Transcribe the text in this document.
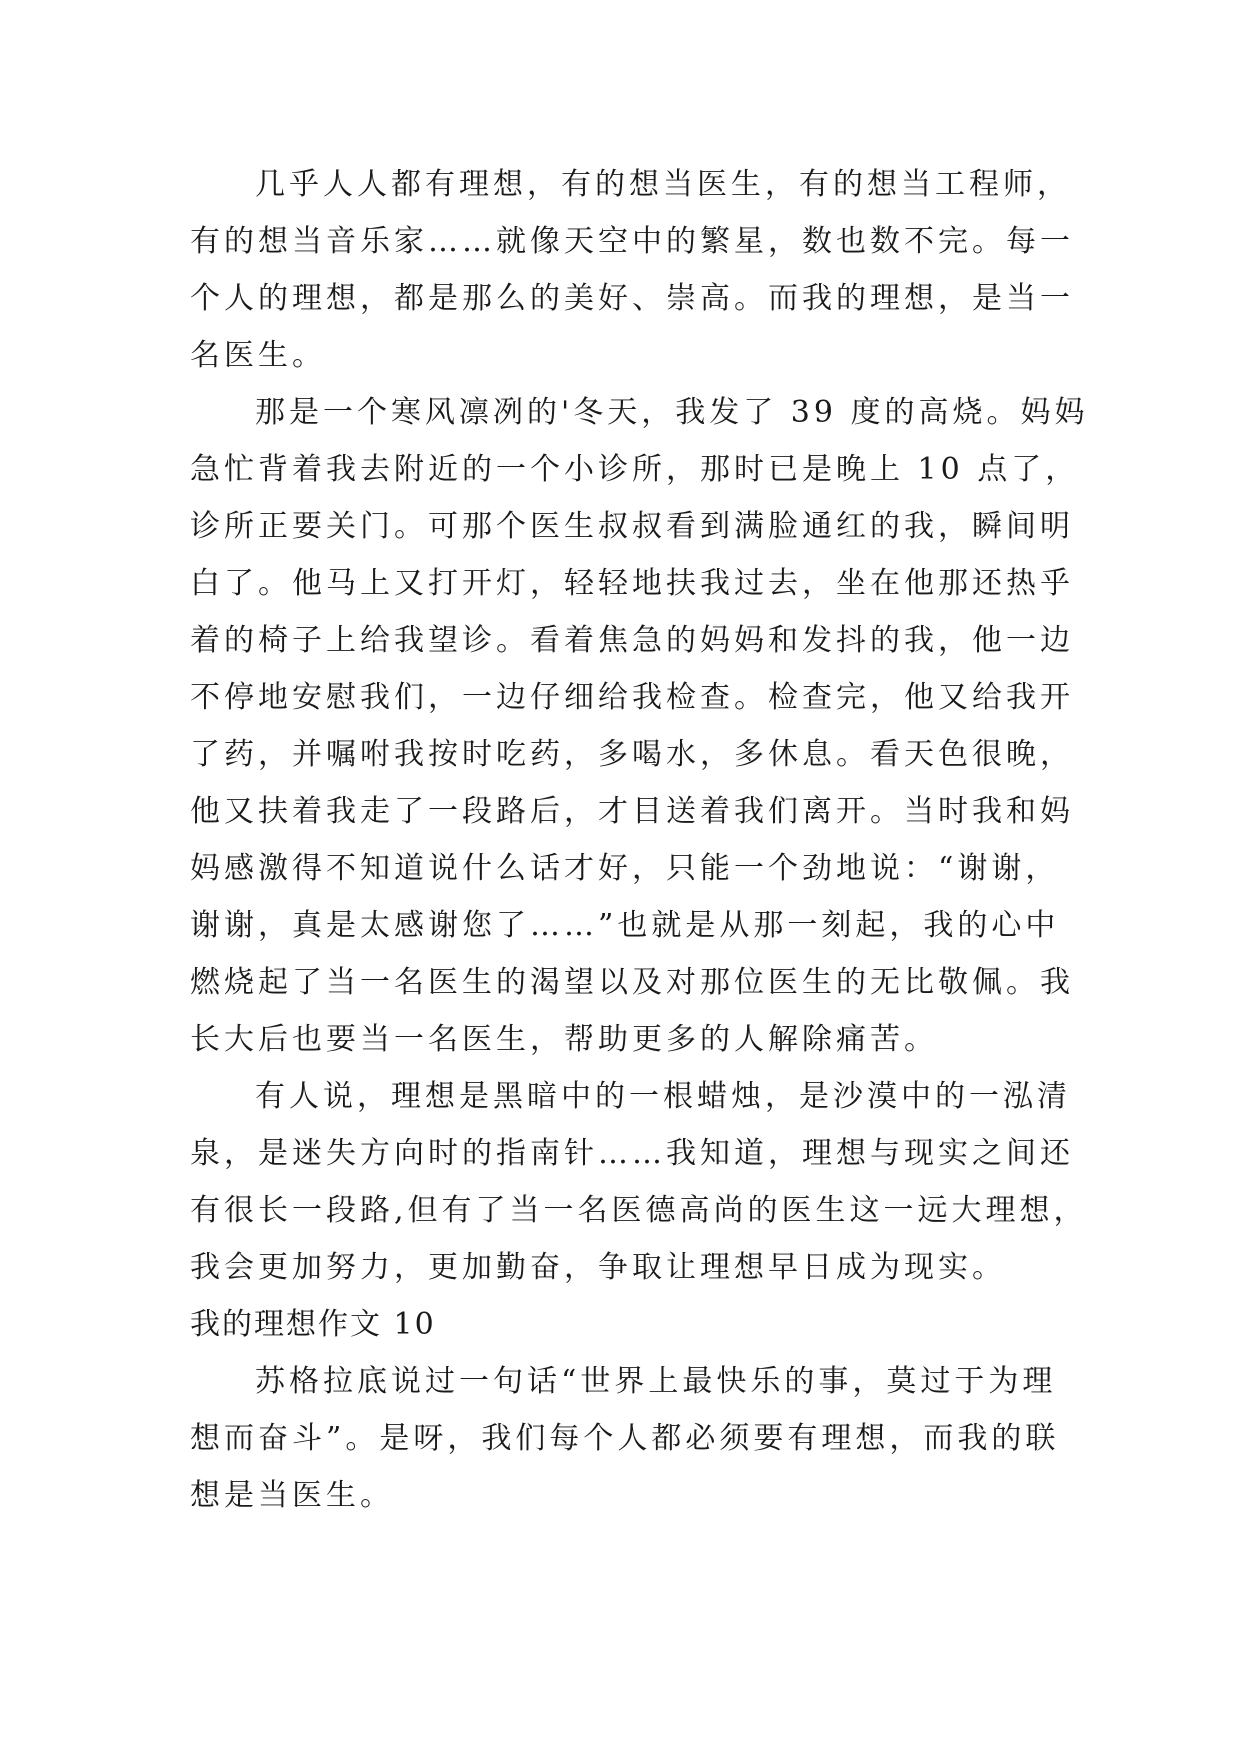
几乎人人都有理想，有的想当医生，有的想当工程师，
有的想当音乐家……就像天空中的繁星，数也数不完。每一
个人的理想，都是那么的美好、崇高。而我的理想，是当一
名医生。
那是一个寒风凛冽的'冬天，我发了 39 度的高烧。妈妈
急忙背着我去附近的一个小诊所，那时已是晚上 10 点了，
诊所正要关门。可那个医生叔叔看到满脸通红的我，瞬间明
白了。他马上又打开灯，轻轻地扶我过去，坐在他那还热乎
着的椅子上给我望诊。看着焦急的妈妈和发抖的我，他一边
不停地安慰我们，一边仔细给我检查。检查完，他又给我开
了药，并嘱咐我按时吃药，多喝水，多休息。看天色很晚，
他又扶着我走了一段路后，才目送着我们离开。当时我和妈
妈感激得不知道说什么话才好，只能一个劲地说：“谢谢，
谢谢，真是太感谢您了……”也就是从那一刻起，我的心中
燃烧起了当一名医生的渴望以及对那位医生的无比敬佩。我
长大后也要当一名医生，帮助更多的人解除痛苦。
有人说，理想是黑暗中的一根蜡烛，是沙漠中的一泓清
泉，是迷失方向时的指南针……我知道，理想与现实之间还
有很长一段路,但有了当一名医德高尚的医生这一远大理想，
我会更加努力，更加勤奋，争取让理想早日成为现实。
我的理想作文 10
苏格拉底说过一句话“世界上最快乐的事，莫过于为理
想而奋斗”。是呀，我们每个人都必须要有理想，而我的联
想是当医生。
